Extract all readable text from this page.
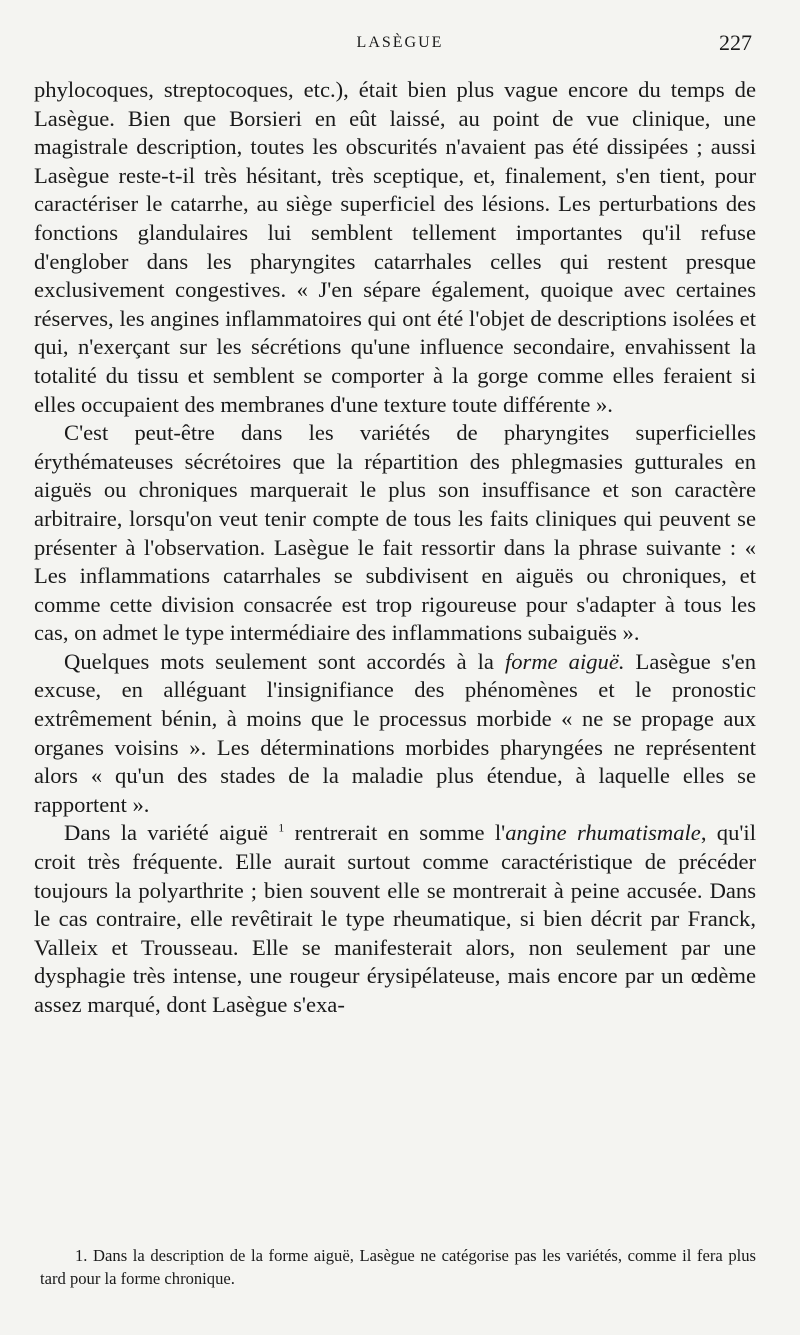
LASÈGUE	227

phylocoques, streptocoques, etc.), était bien plus vague encore du temps de Lasègue. Bien que Borsieri en eût laissé, au point de vue clinique, une magistrale description, toutes les obscurités n'avaient pas été dissipées ; aussi Lasègue reste-t-il très hésitant, très sceptique, et, finalement, s'en tient, pour caractériser le catarrhe, au siège superficiel des lésions. Les perturbations des fonctions glandulaires lui semblent tellement importantes qu'il refuse d'englober dans les pharyngites catarrhales celles qui restent presque exclusivement congestives. « J'en sépare également, quoique avec certaines réserves, les angines inflammatoires qui ont été l'objet de descriptions isolées et qui, n'exerçant sur les sécrétions qu'une influence secondaire, envahissent la totalité du tissu et semblent se comporter à la gorge comme elles feraient si elles occupaient des membranes d'une texture toute différente ».

C'est peut-être dans les variétés de pharyngites superficielles érythémateuses sécrétoires que la répartition des phlegmasies gutturales en aiguës ou chroniques marquerait le plus son insuffisance et son caractère arbitraire, lorsqu'on veut tenir compte de tous les faits cliniques qui peuvent se présenter à l'observation. Lasègue le fait ressortir dans la phrase suivante : « Les inflammations catarrhales se subdivisent en aiguës ou chroniques, et comme cette division consacrée est trop rigoureuse pour s'adapter à tous les cas, on admet le type intermédiaire des inflammations subaiguës ».

Quelques mots seulement sont accordés à la forme aiguë. Lasègue s'en excuse, en alléguant l'insignifiance des phénomènes et le pronostic extrêmement bénin, à moins que le processus morbide « ne se propage aux organes voisins ». Les déterminations morbides pharyngées ne représentent alors « qu'un des stades de la maladie plus étendue, à laquelle elles se rapportent ».

Dans la variété aiguë $^1$ rentrerait en somme l'angine rhumatismale, qu'il croit très fréquente. Elle aurait surtout comme caractéristique de précéder toujours la polyarthrite ; bien souvent elle se montrerait à peine accusée. Dans le cas contraire, elle revêtirait le type rheumatique, si bien décrit par Franck, Valleix et Trousseau. Elle se manifesterait alors, non seulement par une dysphagie très intense, une rougeur érysipélateuse, mais encore par un œdème assez marqué, dont Lasègue s'exa-

1. Dans la description de la forme aiguë, Lasègue ne catégorise pas les variétés, comme il fera plus tard pour la forme chronique.
